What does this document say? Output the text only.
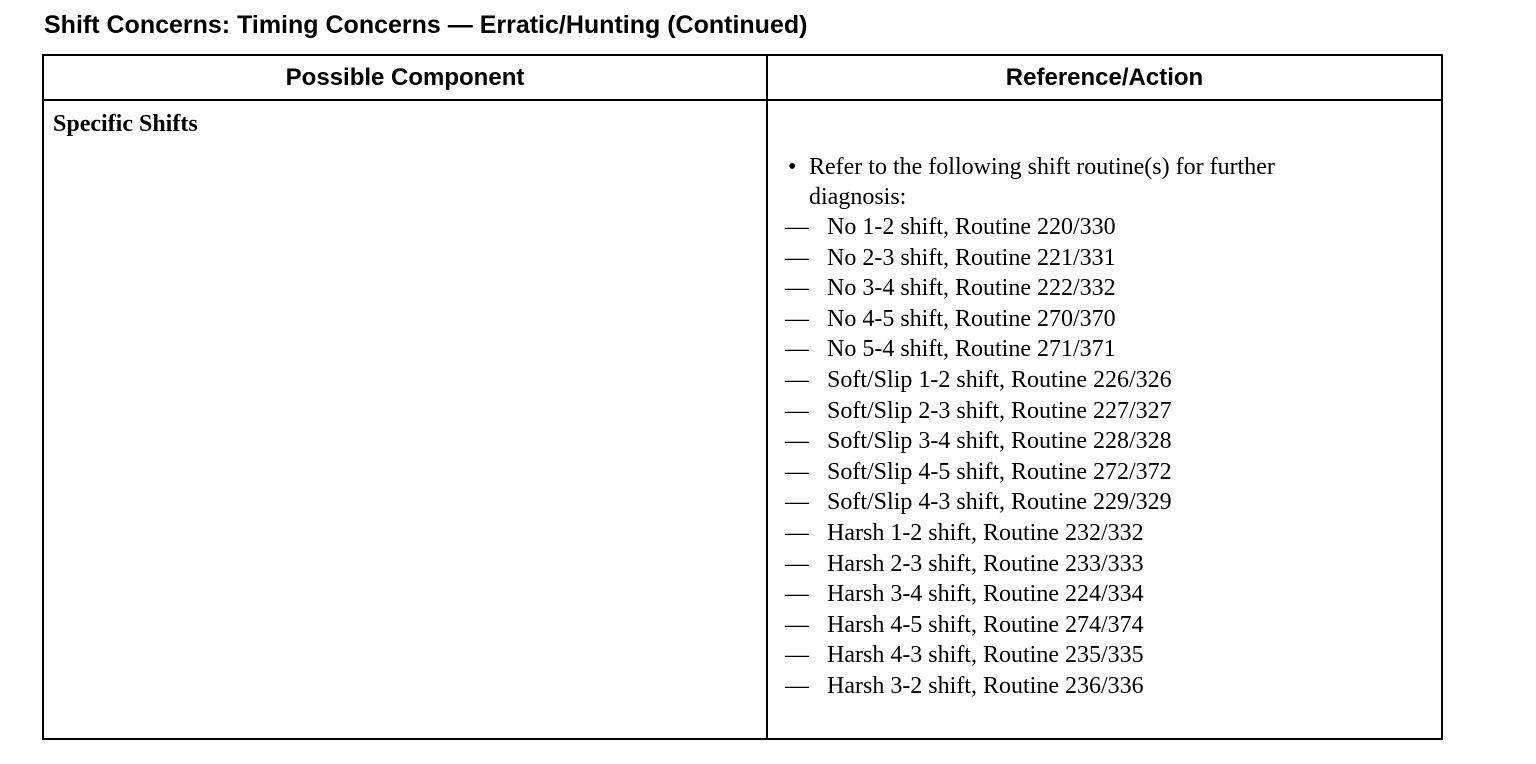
Shift Concerns: Timing Concerns — Erratic/Hunting (Continued)
Possible Component	Reference/Action
Specific Shifts
• Refer to the following shift routine(s) for further
diagnosis:
— No 1-2 shift, Routine 220/330
— No 2-3 shift, Routine 221/331
— No 3-4 shift, Routine 222/332
— No 4-5 shift, Routine 270/370
— No 5-4 shift, Routine 271/371
— Soft/Slip 1-2 shift, Routine 226/326
— Soft/Slip 2-3 shift, Routine 227/327
— Soft/Slip 3-4 shift, Routine 228/328
— Soft/Slip 4-5 shift, Routine 272/372
— Soft/Slip 4-3 shift, Routine 229/329
— Harsh 1-2 shift, Routine 232/332
— Harsh 2-3 shift, Routine 233/333
— Harsh 3-4 shift, Routine 224/334
— Harsh 4-5 shift, Routine 274/374
— Harsh 4-3 shift, Routine 235/335
— Harsh 3-2 shift, Routine 236/336
